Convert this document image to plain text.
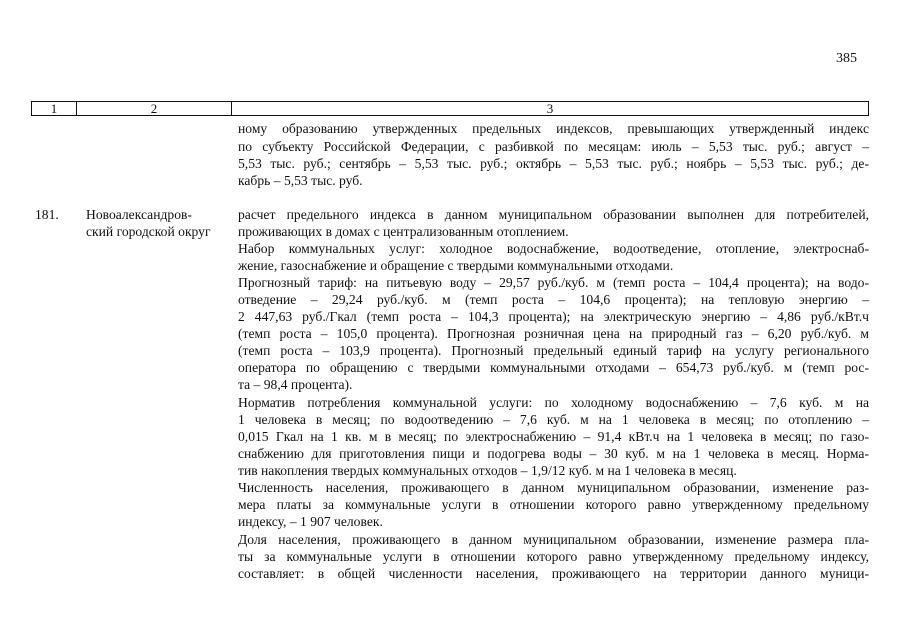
385
1	2	3
ному образованию утвержденных предельных индексов, превышающих утвержденный индекс
по субъекту Российской Федерации, с разбивкой по месяцам: июль – 5,53 тыс. руб.; август –
5,53 тыс. руб.; сентябрь – 5,53 тыс. руб.; октябрь – 5,53 тыс. руб.; ноябрь – 5,53 тыс. руб.; де-
кабрь – 5,53 тыс. руб.
181. Новоалександров-
ский городской округ
расчет предельного индекса в данном муниципальном образовании выполнен для потребителей,
проживающих в домах с централизованным отоплением.
Набор коммунальных услуг: холодное водоснабжение, водоотведение, отопление, электроснаб-
жение, газоснабжение и обращение с твердыми коммунальными отходами.
Прогнозный тариф: на питьевую воду – 29,57 руб./куб. м (темп роста – 104,4 процента); на водо-
отведение – 29,24 руб./куб. м (темп роста – 104,6 процента); на тепловую энергию –
2 447,63 руб./Гкал (темп роста – 104,3 процента); на электрическую энергию – 4,86 руб./кВт.ч
(темп роста – 105,0 процента). Прогнозная розничная цена на природный газ – 6,20 руб./куб. м
(темп роста – 103,9 процента). Прогнозный предельный единый тариф на услугу регионального
оператора по обращению с твердыми коммунальными отходами – 654,73 руб./куб. м (темп рос-
та – 98,4 процента).
Норматив потребления коммунальной услуги: по холодному водоснабжению – 7,6 куб. м на
1 человека в месяц; по водоотведению – 7,6 куб. м на 1 человека в месяц; по отоплению –
0,015 Гкал на 1 кв. м в месяц; по электроснабжению – 91,4 кВт.ч на 1 человека в месяц; по газо-
снабжению для приготовления пищи и подогрева воды – 30 куб. м на 1 человека в месяц. Норма-
тив накопления твердых коммунальных отходов – 1,9/12 куб. м на 1 человека в месяц.
Численность населения, проживающего в данном муниципальном образовании, изменение раз-
мера платы за коммунальные услуги в отношении которого равно утвержденному предельному
индексу, – 1 907 человек.
Доля населения, проживающего в данном муниципальном образовании, изменение размера пла-
ты за коммунальные услуги в отношении которого равно утвержденному предельному индексу,
составляет: в общей численности населения, проживающего на территории данного муници-
